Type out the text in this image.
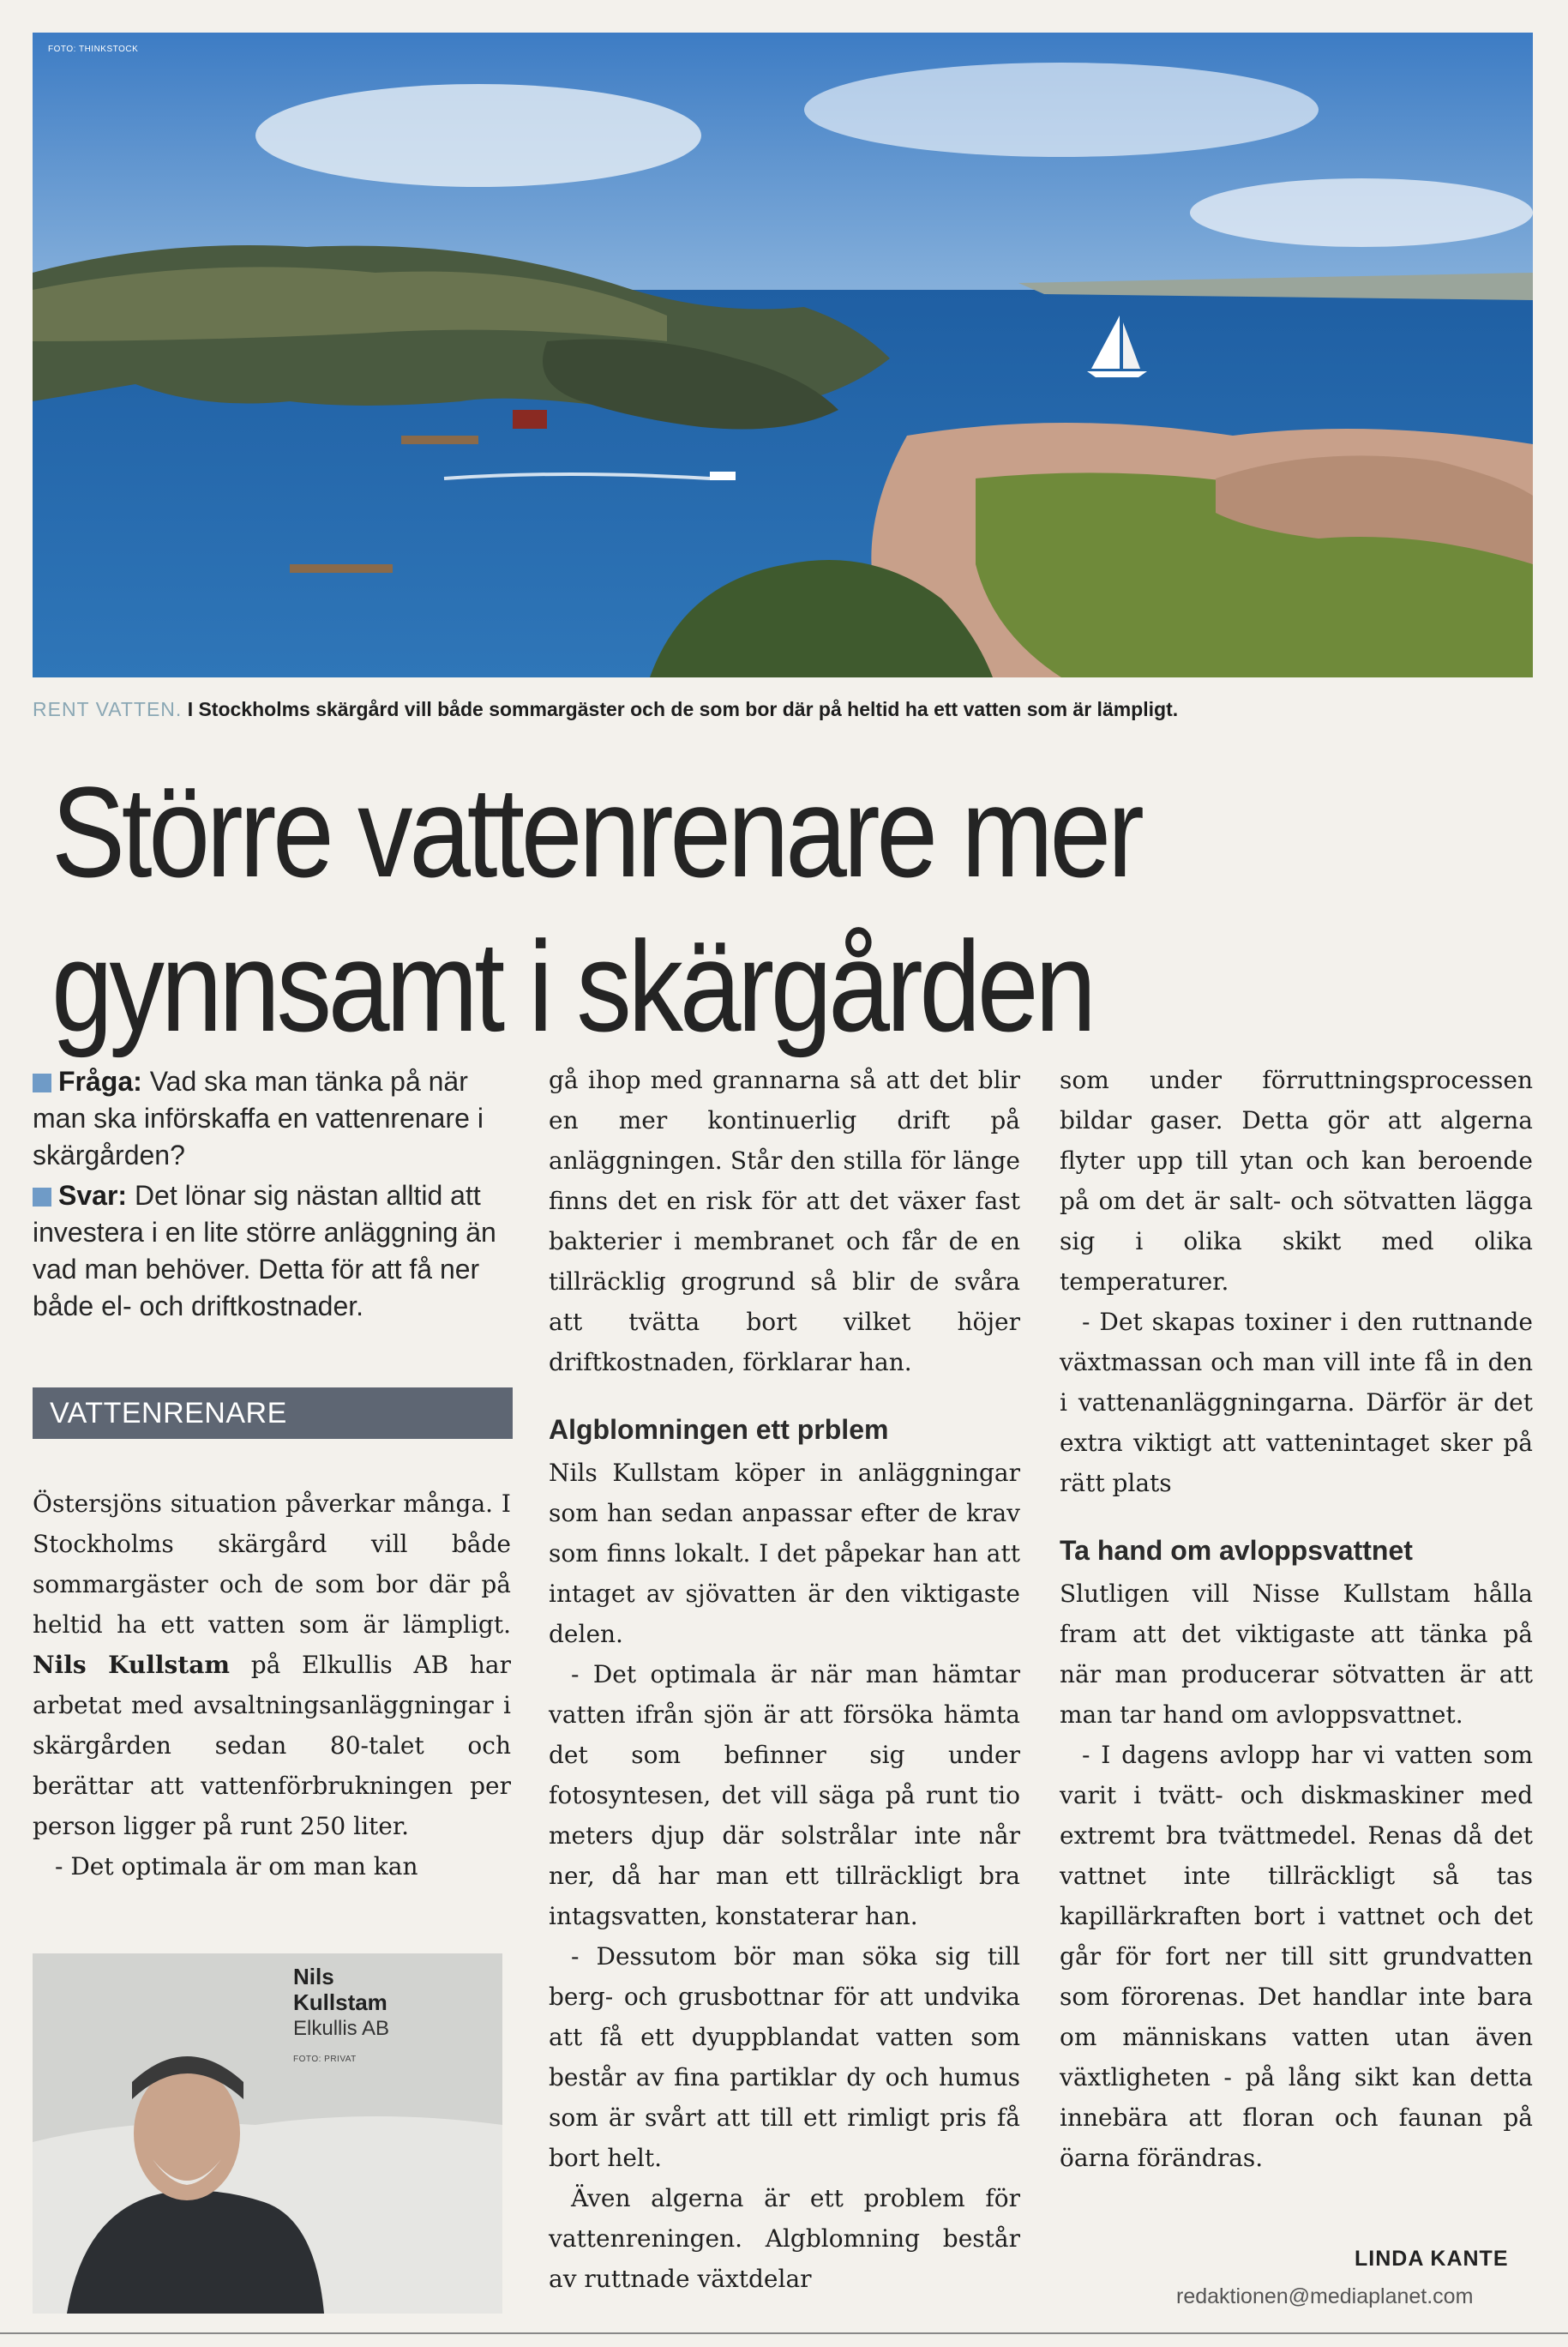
FOTO: THINKSTOCK
RENT VATTEN. I Stockholms skärgård vill både sommargäster och de som bor där på heltid ha ett vatten som är lämpligt.
Större vattenrenare mer
gynnsamt i skärgården

Fråga: Vad ska man tänka på när man ska införskaffa en vattenrenare i skärgården?

Svar: Det lönar sig nästan alltid att investera i en lite större anläggning än vad man behöver. Detta för att få ner både el- och driftkostnader.

VATTENRENARE

Östersjöns situation påverkar många. I Stockholms skärgård vill både sommargäster och de som bor där på heltid ha ett vatten som är lämpligt. Nils Kullstam på Elkullis AB har arbetat med avsaltningsanläggningar i skärgården sedan 80-talet och berättar att vattenförbrukningen per person ligger på runt 250 liter.

- Det optimala är om man kan

Nils
Kullstam
Elkullis AB
FOTO: PRIVAT

gå ihop med grannarna så att det blir en mer kontinuerlig drift på anläggningen. Står den stilla för länge finns det en risk för att det växer fast bakterier i membranet och får de en tillräcklig grogrund så blir de svåra att tvätta bort vilket höjer driftkostnaden, förklarar han.

Algblomningen ett prblem

Nils Kullstam köper in anläggningar som han sedan anpassar efter de krav som finns lokalt. I det påpekar han att intaget av sjövatten är den viktigaste delen.

- Det optimala är när man hämtar vatten ifrån sjön är att försöka hämta det som befinner sig under fotosyntesen, det vill säga på runt tio meters djup där solstrålar inte når ner, då har man ett tillräckligt bra intagsvatten, konstaterar han.

- Dessutom bör man söka sig till berg- och grusbottnar för att undvika att få ett dyuppblandat vatten som består av fina partiklar dy och humus som är svårt att till ett rimligt pris få bort helt.

Även algerna är ett problem för vattenreningen. Algblomning består av ruttnade växtdelar

som under förruttningsprocessen bildar gaser. Detta gör att algerna flyter upp till ytan och kan beroende på om det är salt- och sötvatten lägga sig i olika skikt med olika temperaturer.

- Det skapas toxiner i den ruttnande växtmassan och man vill inte få in den i vattenanläggningarna. Därför är det extra viktigt att vattenintaget sker på rätt plats

Ta hand om avloppsvattnet

Slutligen vill Nisse Kullstam hålla fram att det viktigaste att tänka på när man producerar sötvatten är att man tar hand om avloppsvattnet.

- I dagens avlopp har vi vatten som varit i tvätt- och diskmaskiner med extremt bra tvättmedel. Renas då det vattnet inte tillräckligt så tas kapillärkraften bort i vattnet och det går för fort ner till sitt grundvatten som förorenas. Det handlar inte bara om människans vatten utan även växtligheten - på lång sikt kan detta innebära att floran och faunan på öarna förändras.

LINDA KANTE
redaktionen@mediaplanet.com
